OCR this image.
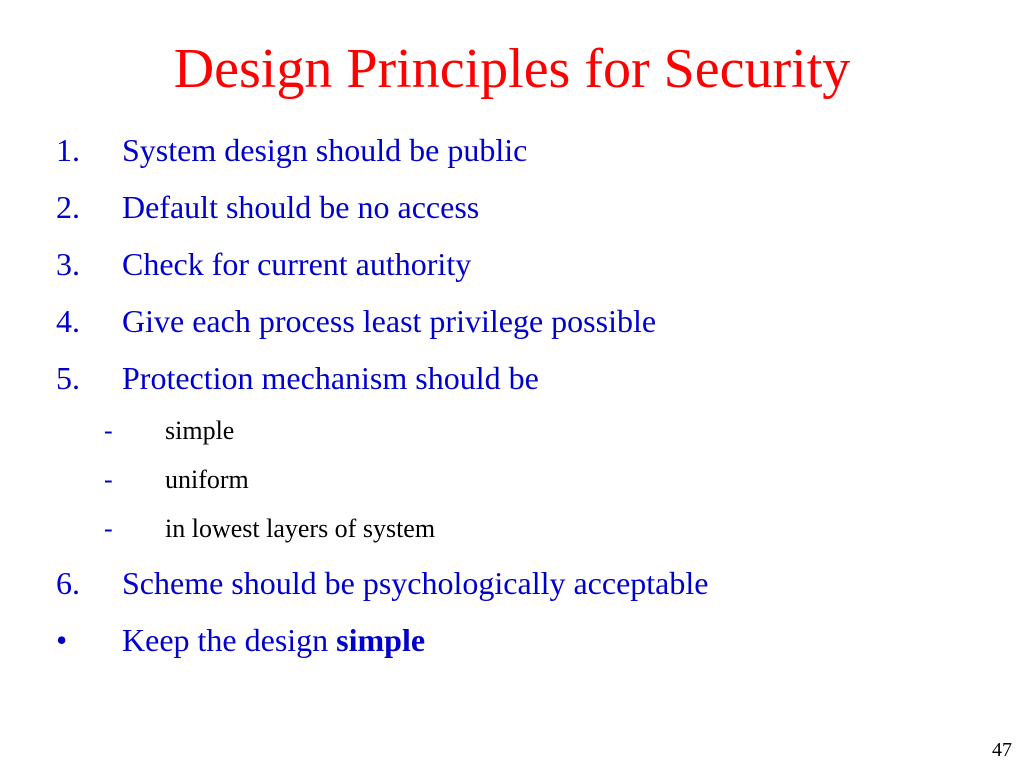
Design Principles for Security
1. System design should be public
2. Default should be no access
3. Check for current authority
4. Give each process least privilege possible
5. Protection mechanism should be
- simple
- uniform
- in lowest layers of system
6. Scheme should be psychologically acceptable
• Keep the design simple
47
